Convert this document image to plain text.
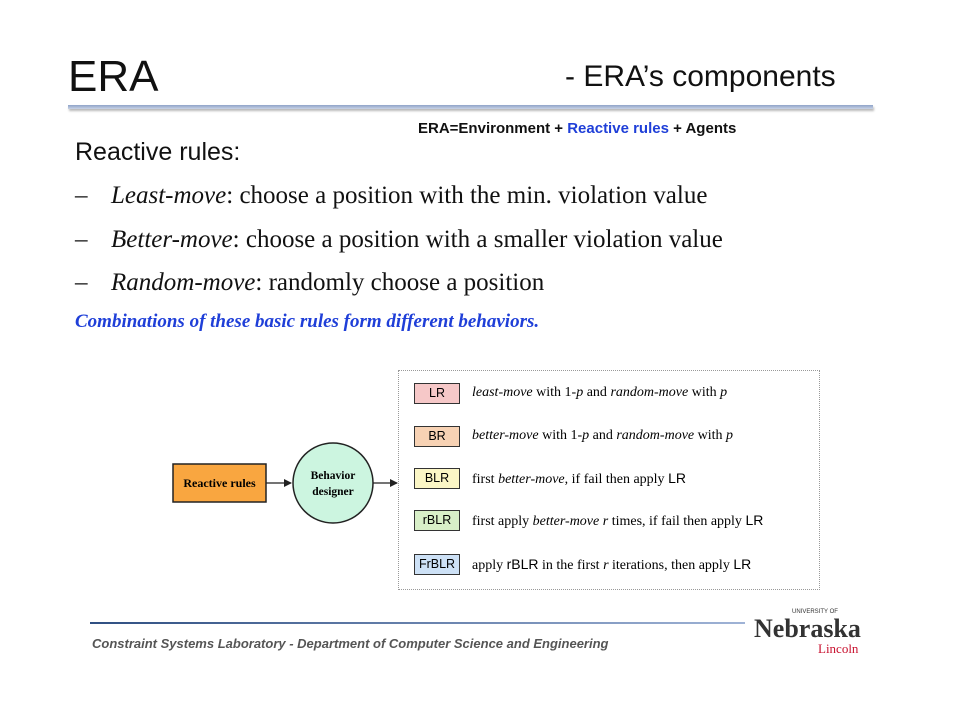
ERA	- ERA’s components
ERA=Environment + Reactive rules + Agents
Reactive rules:
– Least-move: choose a position with the min. violation value
– Better-move: choose a position with a smaller violation value
– Random-move: randomly choose a position
Combinations of these basic rules form different behaviors.
Reactive rules	Behavior
designer
LR	least-move with 1-p and random-move with p
BR	better-move with 1-p and random-move with p
BLR	first better-move, if fail then apply LR
rBLR	first apply better-move r times, if fail then apply LR
FrBLR	apply rBLR in the first r iterations, then apply LR
Constraint Systems Laboratory - Department of Computer Science and Engineering
UNIVERSITY OF
Nebraska
Lincoln
